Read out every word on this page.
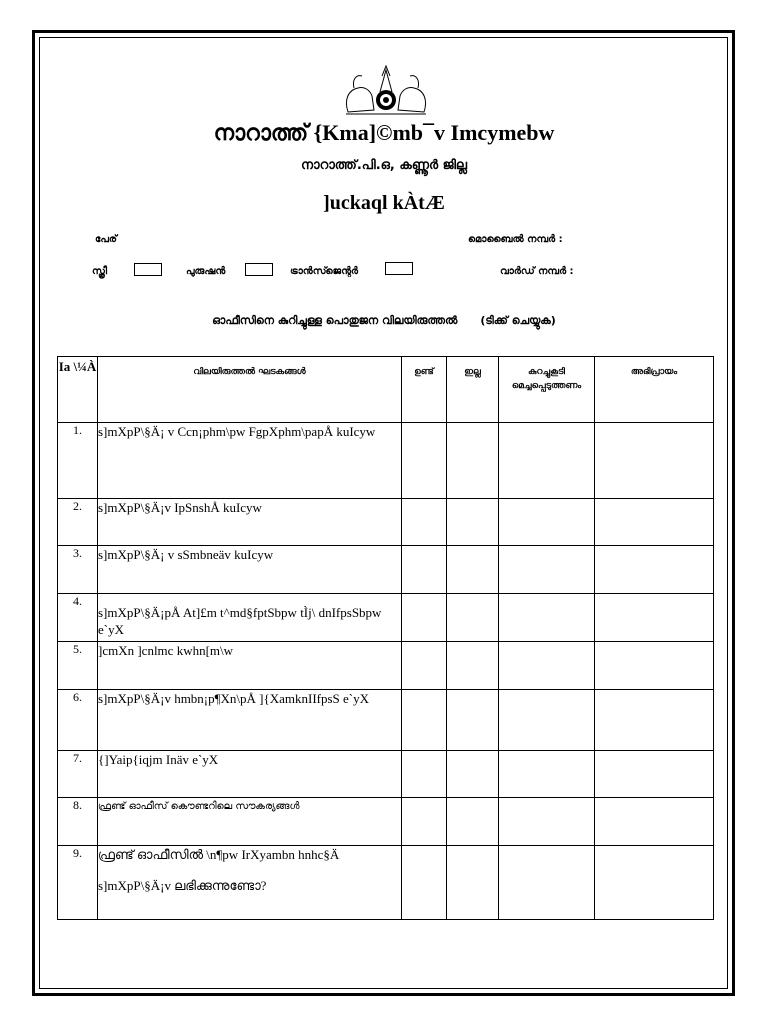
നാറാത്ത് {Kma]©mb¯v Imcymebw
നാറാത്ത്.പി.ഒ, കണ്ണൂർ ജില്ല
]uckaql kÀtÆ
പേര്	മൊബൈൽ നമ്പർ :
സ്ത്രീ	പുരുഷൻ	ട്രാൻസ്ജെന്റർ	വാർഡ് നമ്പർ :
ഓഫീസിനെ കുറിച്ചുള്ള പൊതുജന വിലയിരുത്തൽ (ടിക്ക് ചെയ്യുക)
Ia \¼À	വിലയിരുത്തൽ ഘടകങ്ങൾ	ഉണ്ട്	ഇല്ല	കുറച്ചുകൂടി മെച്ചപ്പെടുത്തണം	അഭിപ്രായം
1.	s]mXpP\§Ä¡ v Ccn¡phm\pw FgpXphm\papÅ kuIcyw				
2.	s]mXpP\§Ä¡v IpSnshÅ kuIcyw				
3.	s]mXpP\§Ä¡ v sSmbneäv kuIcyw				
4.	s]mXpP\§Ä¡pÅ At]£m t^md§fptSbpw tÌj\ dnIfpsSbpw e`yX				
5.	]cmXn ]cnlmc kwhn[m\w				
6.	s]mXpP\§Ä¡v hmbn¡p¶Xn\pÅ ]{XamknIIfpsS e`yX				
7.	{]Yaip{iqjm Inäv e`yX				
8.	ഫ്രണ്ട് ഓഫീസ് കൌണ്ടറിലെ സൗകര്യങ്ങൾ				
9.	ഫ്രണ്ട് ഓഫീസിൽ \n¶pw IrXyambn hnhc§Ä
s]mXpP\§Ä¡v ലഭിക്കുന്നുണ്ടോ?				
